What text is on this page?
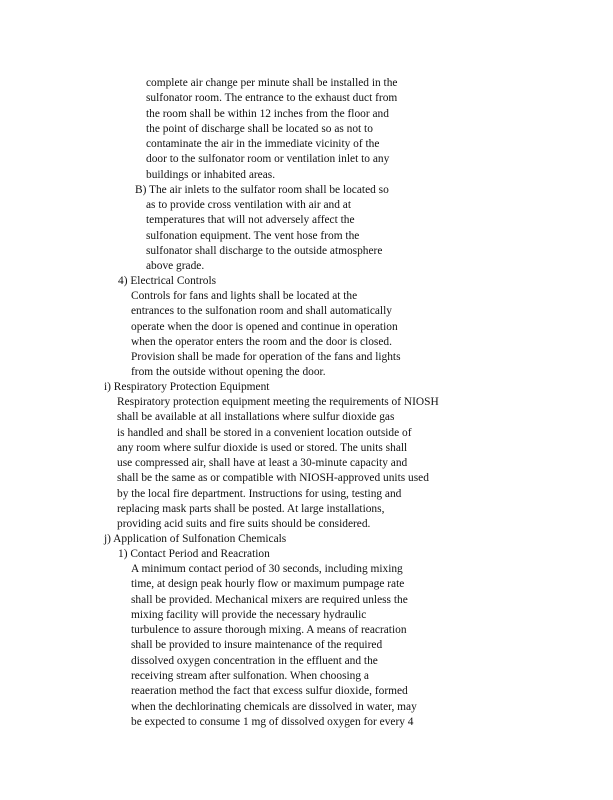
complete air change per minute shall be installed in the
sulfonator room. The entrance to the exhaust duct from
the room shall be within 12 inches from the floor and
the point of discharge shall be located so as not to
contaminate the air in the immediate vicinity of the
door to the sulfonator room or ventilation inlet to any
buildings or inhabited areas.
B) The air inlets to the sulfator room shall be located so
as to provide cross ventilation with air and at
temperatures that will not adversely affect the
sulfonation equipment. The vent hose from the
sulfonator shall discharge to the outside atmosphere
above grade.
4) Electrical Controls
Controls for fans and lights shall be located at the
entrances to the sulfonation room and shall automatically
operate when the door is opened and continue in operation
when the operator enters the room and the door is closed.
Provision shall be made for operation of the fans and lights
from the outside without opening the door.
i) Respiratory Protection Equipment
Respiratory protection equipment meeting the requirements of NIOSH
shall be available at all installations where sulfur dioxide gas
is handled and shall be stored in a convenient location outside of
any room where sulfur dioxide is used or stored. The units shall
use compressed air, shall have at least a 30-minute capacity and
shall be the same as or compatible with NIOSH-approved units used
by the local fire department. Instructions for using, testing and
replacing mask parts shall be posted. At large installations,
providing acid suits and fire suits should be considered.
j) Application of Sulfonation Chemicals
1) Contact Period and Reacration
A minimum contact period of 30 seconds, including mixing
time, at design peak hourly flow or maximum pumpage rate
shall be provided. Mechanical mixers are required unless the
mixing facility will provide the necessary hydraulic
turbulence to assure thorough mixing. A means of reacration
shall be provided to insure maintenance of the required
dissolved oxygen concentration in the effluent and the
receiving stream after sulfonation. When choosing a
reaeration method the fact that excess sulfur dioxide, formed
when the dechlorinating chemicals are dissolved in water, may
be expected to consume 1 mg of dissolved oxygen for every 4
